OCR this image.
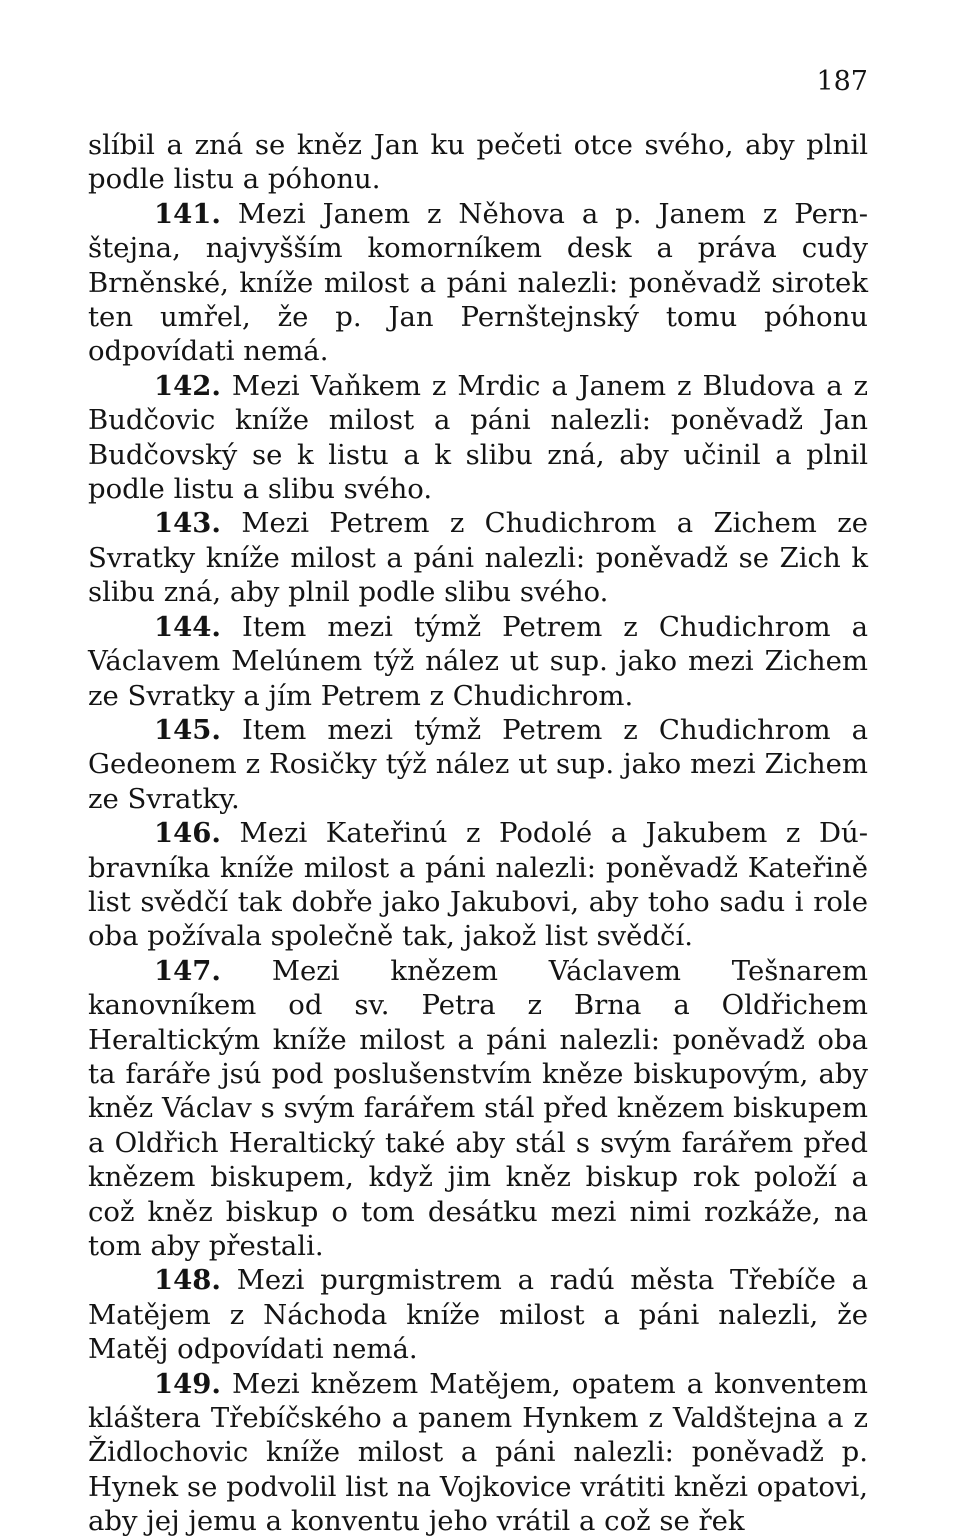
187

slíbil a zná se kněz Jan ku pečeti otce svého, aby plnil podle listu a póhonu.

141. Mezi Janem z Něhova a p. Janem z Pernštejna, najvyšším komorníkem desk a práva cudy Brněnské, kníže milost a páni nalezli: poněvadž sirotek ten umřel, že p. Jan Pernštejnský tomu póhonu odpovídati nemá.

142. Mezi Vaňkem z Mrdic a Janem z Bludova a z Budčovic kníže milost a páni nalezli: poněvadž Jan Budčovský se k listu a k slibu zná, aby učinil a plnil podle listu a slibu svého.

143. Mezi Petrem z Chudichrom a Zichem ze Svratky kníže milost a páni nalezli: poněvadž se Zich k slibu zná, aby plnil podle slibu svého.

144. Item mezi týmž Petrem z Chudichrom a Václavem Melúnem týž nález ut sup. jako mezi Zichem ze Svratky a jím Petrem z Chudichrom.

145. Item mezi týmž Petrem z Chudichrom a Gedeonem z Rosičky týž nález ut sup. jako mezi Zichem ze Svratky.

146. Mezi Kateřinú z Podolé a Jakubem z Dúbravníka kníže milost a páni nalezli: poněvadž Kateřině list svědčí tak dobře jako Jakubovi, aby toho sadu i role oba požívala společně tak, jakož list svědčí.

147. Mezi knězem Václavem Tešnarem kanovníkem od sv. Petra z Brna a Oldřichem Heraltickým kníže milost a páni nalezli: poněvadž oba ta faráře jsú pod poslušenstvím kněze biskupovým, aby kněz Václav s svým farářem stál před knězem biskupem a Oldřich Heraltický také aby stál s svým farářem před knězem biskupem, když jim kněz biskup rok položí a což kněz biskup o tom desátku mezi nimi rozkáže, na tom aby přestali.

148. Mezi purgmistrem a radú města Třebíče a Matějem z Náchoda kníže milost a páni nalezli, že Matěj odpovídati nemá.

149. Mezi knězem Matějem, opatem a konventem kláštera Třebíčského a panem Hynkem z Valdštejna a z Židlochovic kníže milost a páni nalezli: poněvadž p. Hynek se podvolil list na Vojkovice vrátiti knězi opatovi, aby jej jemu a konventu jeho vrátil a což se řek
